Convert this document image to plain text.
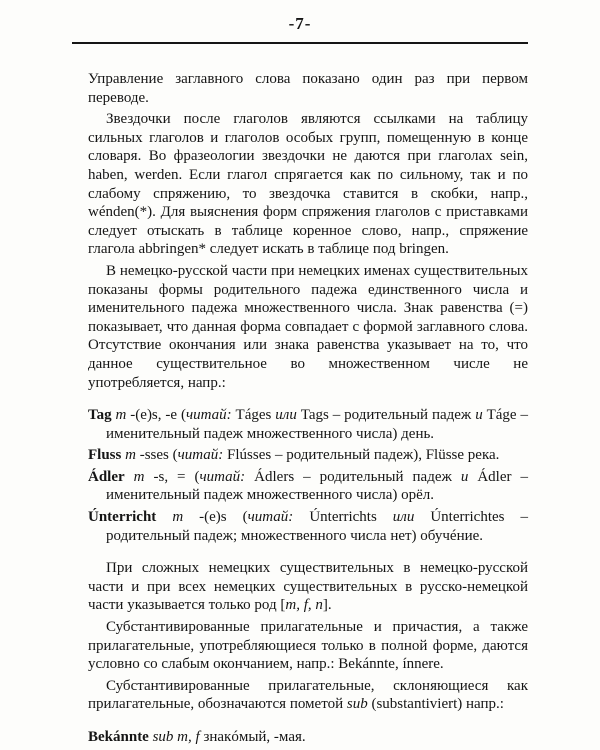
-7-

Управление заглавного слова показано один раз при первом переводе.

Звездочки после глаголов являются ссылками на таблицу сильных глаголов и глаголов особых групп, помещенную в конце словаря. Во фразеологии звездочки не даются при глаголах sein, haben, werden. Если глагол спрягается как по сильному, так и по слабому спряжению, то звездочка ставится в скобки, напр., wénden(*). Для выяснения форм спряжения глаголов с приставками следует отыскать в таблице коренное слово, напр., спряжение глагола abbringen* следует искать в таблице под bringen.

В немецко-русской части при немецких именах существительных показаны формы родительного падежа единственного числа и именительного падежа множественного числа. Знак равенства (=) показывает, что данная форма совпадает с формой заглавного слова. Отсутствие окончания или знака равенства указывает на то, что данное существительное во множественном числе не употребляется, напр.:

Tag m -(e)s, -e (читай: Táges или Tags – родительный падеж и Táge – именительный падеж множественного числа) день.

Fluss m -sses (читай: Flússes – родительный падеж), Flüsse река.

Ádler m -s, = (читай: Ádlers – родительный падеж и Ádler – именительный падеж множественного числа) орёл.

Únterricht m -(e)s (читай: Únterrichts или Únterrichtes – родительный падеж; множественного числа нет) обучéние.

При сложных немецких существительных в немецко-русской части и при всех немецких существительных в русско-немецкой части указывается только род [m, f, n].

Субстантивированные прилагательные и причастия, а также прилагательные, употребляющиеся только в полной форме, даются условно со слабым окончанием, напр.: Bekánnte, ínnere.

Субстантивированные прилагательные, склоняющиеся как прилагательные, обозначаются пометой sub (substantiviert) напр.:

Bekánnte sub m, f знакóмый, -мая.
